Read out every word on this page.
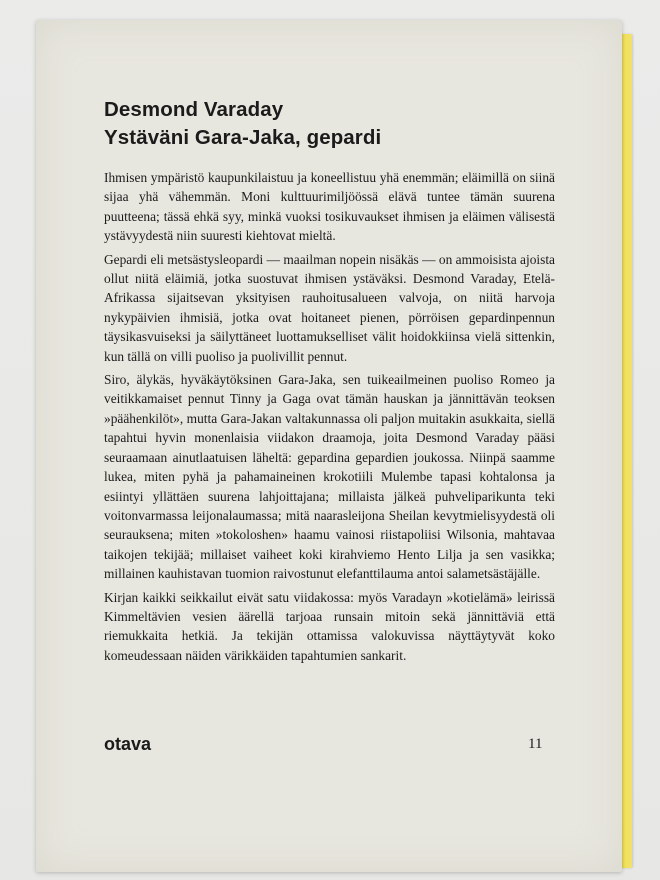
Desmond Varaday
Ystäväni Gara-Jaka, gepardi

Ihmisen ympäristö kaupunkilaistuu ja koneellistuu yhä enemmän; eläimillä on siinä sijaa yhä vähemmän. Moni kulttuurimiljöössä elävä tuntee tämän suurena puutteena; tässä ehkä syy, minkä vuoksi tosikuvaukset ihmisen ja eläimen välisestä ystävyydestä niin suuresti kiehtovat mieltä.

Gepardi eli metsästysleopardi — maailman nopein nisäkäs — on ammoisista ajoista ollut niitä eläimiä, jotka suostuvat ihmisen ystäväksi. Desmond Varaday, Etelä-Afrikassa sijaitsevan yksityisen rauhoitusalueen valvoja, on niitä harvoja nykypäivien ihmisiä, jotka ovat hoitaneet pienen, pörröisen gepardinpennun täysikasvuiseksi ja säilyttäneet luottamukselliset välit hoidokkiinsa vielä sittenkin, kun tällä on villi puoliso ja puolivillit pennut.

Siro, älykäs, hyväkäytöksinen Gara-Jaka, sen tuikeailmeinen puoliso Romeo ja veitikkamaiset pennut Tinny ja Gaga ovat tämän hauskan ja jännittävän teoksen »päähenkilöt», mutta Gara-Jakan valtakunnassa oli paljon muitakin asukkaita, siellä tapahtui hyvin monenlaisia viidakon draamoja, joita Desmond Varaday pääsi seuraamaan ainutlaatuisen läheltä: gepardina gepardien joukossa. Niinpä saamme lukea, miten pyhä ja pahamaineinen krokotiili Mulembe tapasi kohtalonsa ja esiintyi yllättäen suurena lahjoittajana; millaista jälkeä puhveliparikunta teki voitonvarmassa leijonalaumassa; mitä naarasleijona Sheilan kevytmielisyydestä oli seurauksena; miten »tokoloshen» haamu vainosi riistapoliisi Wilsonia, mahtavaa taikojen tekijää; millaiset vaiheet koki kirahviemo Hento Lilja ja sen vasikka; millainen kauhistavan tuomion raivostunut elefanttilauma antoi salametsästäjälle.

Kirjan kaikki seikkailut eivät satu viidakossa: myös Varadayn »kotielämä» leirissä Kimmeltävien vesien äärellä tarjoaa runsain mitoin sekä jännittäviä että riemukkaita hetkiä. Ja tekijän ottamissa valokuvissa näyttäytyvät koko komeudessaan näiden värikkäiden tapahtumien sankarit.

otava	11
